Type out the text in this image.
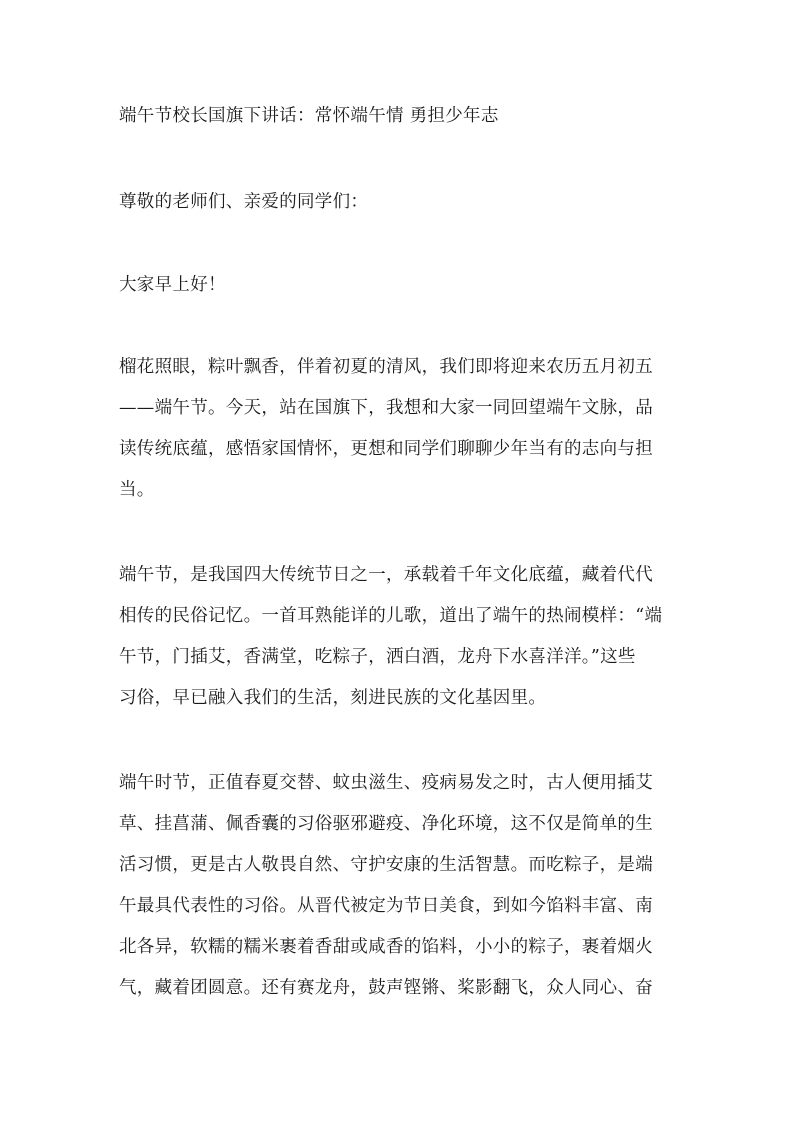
端午节校长国旗下讲话：常怀端午情 勇担少年志
尊敬的老师们、亲爱的同学们：
大家早上好！
榴花照眼，粽叶飘香，伴着初夏的清风，我们即将迎来农历五月初五
——端午节。今天，站在国旗下，我想和大家一同回望端午文脉，品
读传统底蕴，感悟家国情怀，更想和同学们聊聊少年当有的志向与担
当。
端午节，是我国四大传统节日之一，承载着千年文化底蕴，藏着代代
相传的民俗记忆。一首耳熟能详的儿歌，道出了端午的热闹模样：“端
午节，门插艾，香满堂，吃粽子，洒白酒，龙舟下水喜洋洋。”这些
习俗，早已融入我们的生活，刻进民族的文化基因里。
端午时节，正值春夏交替、蚊虫滋生、疫病易发之时，古人便用插艾
草、挂菖蒲、佩香囊的习俗驱邪避疫、净化环境，这不仅是简单的生
活习惯，更是古人敬畏自然、守护安康的生活智慧。而吃粽子，是端
午最具代表性的习俗。从晋代被定为节日美食，到如今馅料丰富、南
北各异，软糯的糯米裹着香甜或咸香的馅料，小小的粽子，裹着烟火
气，藏着团圆意。还有赛龙舟，鼓声铿锵、桨影翻飞，众人同心、奋
